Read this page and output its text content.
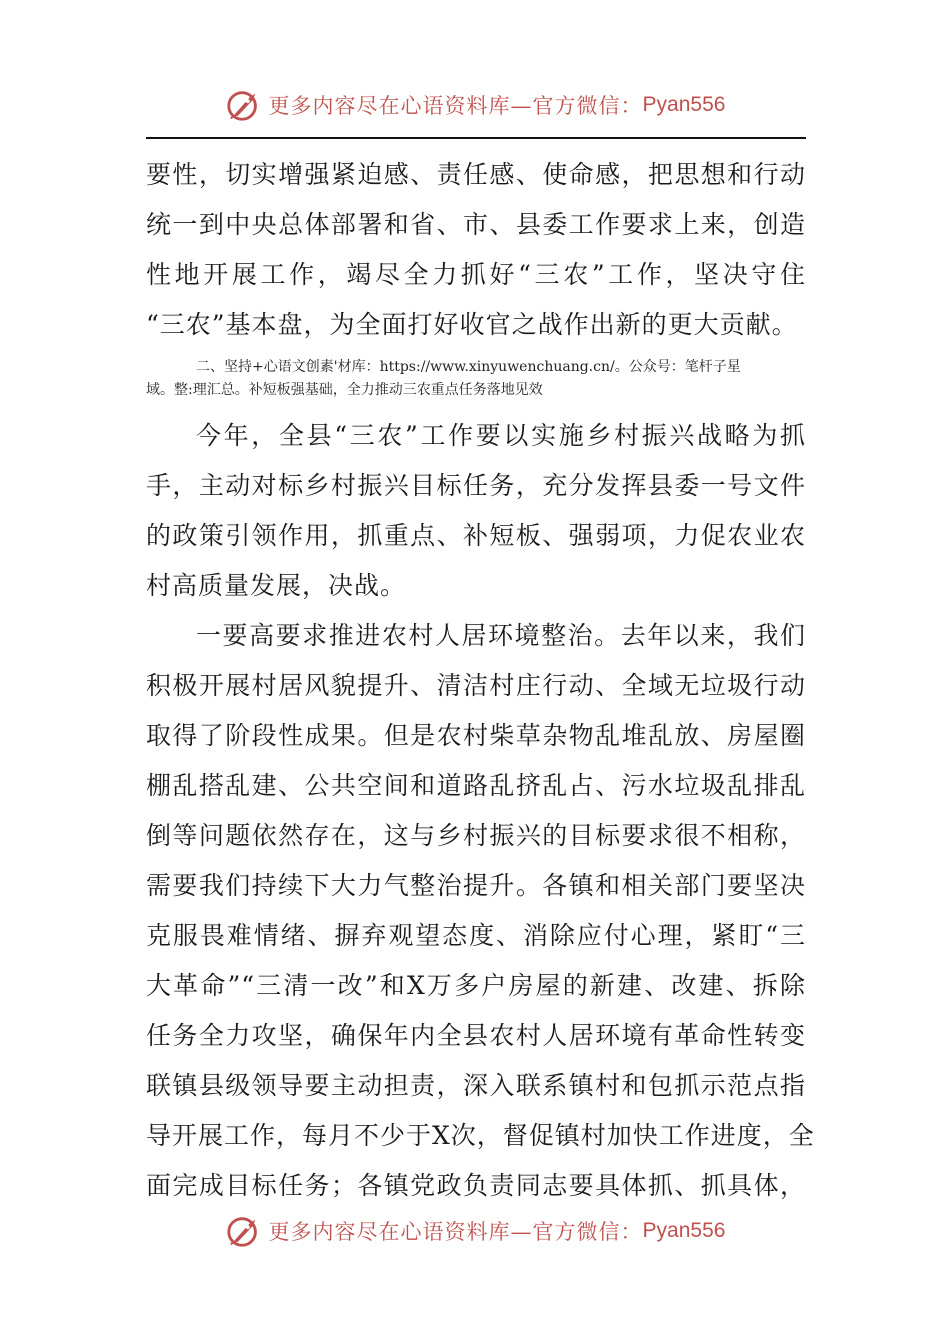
更多内容尽在心语资料库—官方微信： Pyan556
要性，切实增强紧迫感、责任感、使命感，把思想和行动
统一到中央总体部署和省、市、县委工作要求上来，创造
性地开展工作，竭尽全力抓好“三农”工作，坚决守住
“三农”基本盘，为全面打好收官之战作出新的更大贡献。
二、坚持+心语文创素'材库：https://www.xinyuwenchuang.cn/。公众号：笔杆子星
域。整:理汇总。补短板强基础，全力推动三农重点任务落地见效
今年，全县“三农”工作要以实施乡村振兴战略为抓
手，主动对标乡村振兴目标任务，充分发挥县委一号文件
的政策引领作用，抓重点、补短板、强弱项，力促农业农
村高质量发展，决战。
一要高要求推进农村人居环境整治。去年以来，我们
积极开展村居风貌提升、清洁村庄行动、全域无垃圾行动
取得了阶段性成果。但是农村柴草杂物乱堆乱放、房屋圈
棚乱搭乱建、公共空间和道路乱挤乱占、污水垃圾乱排乱
倒等问题依然存在，这与乡村振兴的目标要求很不相称，
需要我们持续下大力气整治提升。各镇和相关部门要坚决
克服畏难情绪、摒弃观望态度、消除应付心理，紧盯“三
大革命”“三清一改”和X万多户房屋的新建、改建、拆除
任务全力攻坚，确保年内全县农村人居环境有革命性转变
联镇县级领导要主动担责，深入联系镇村和包抓示范点指
导开展工作，每月不少于X次，督促镇村加快工作进度，全
面完成目标任务；各镇党政负责同志要具体抓、抓具体，
更多内容尽在心语资料库—官方微信： Pyan556
